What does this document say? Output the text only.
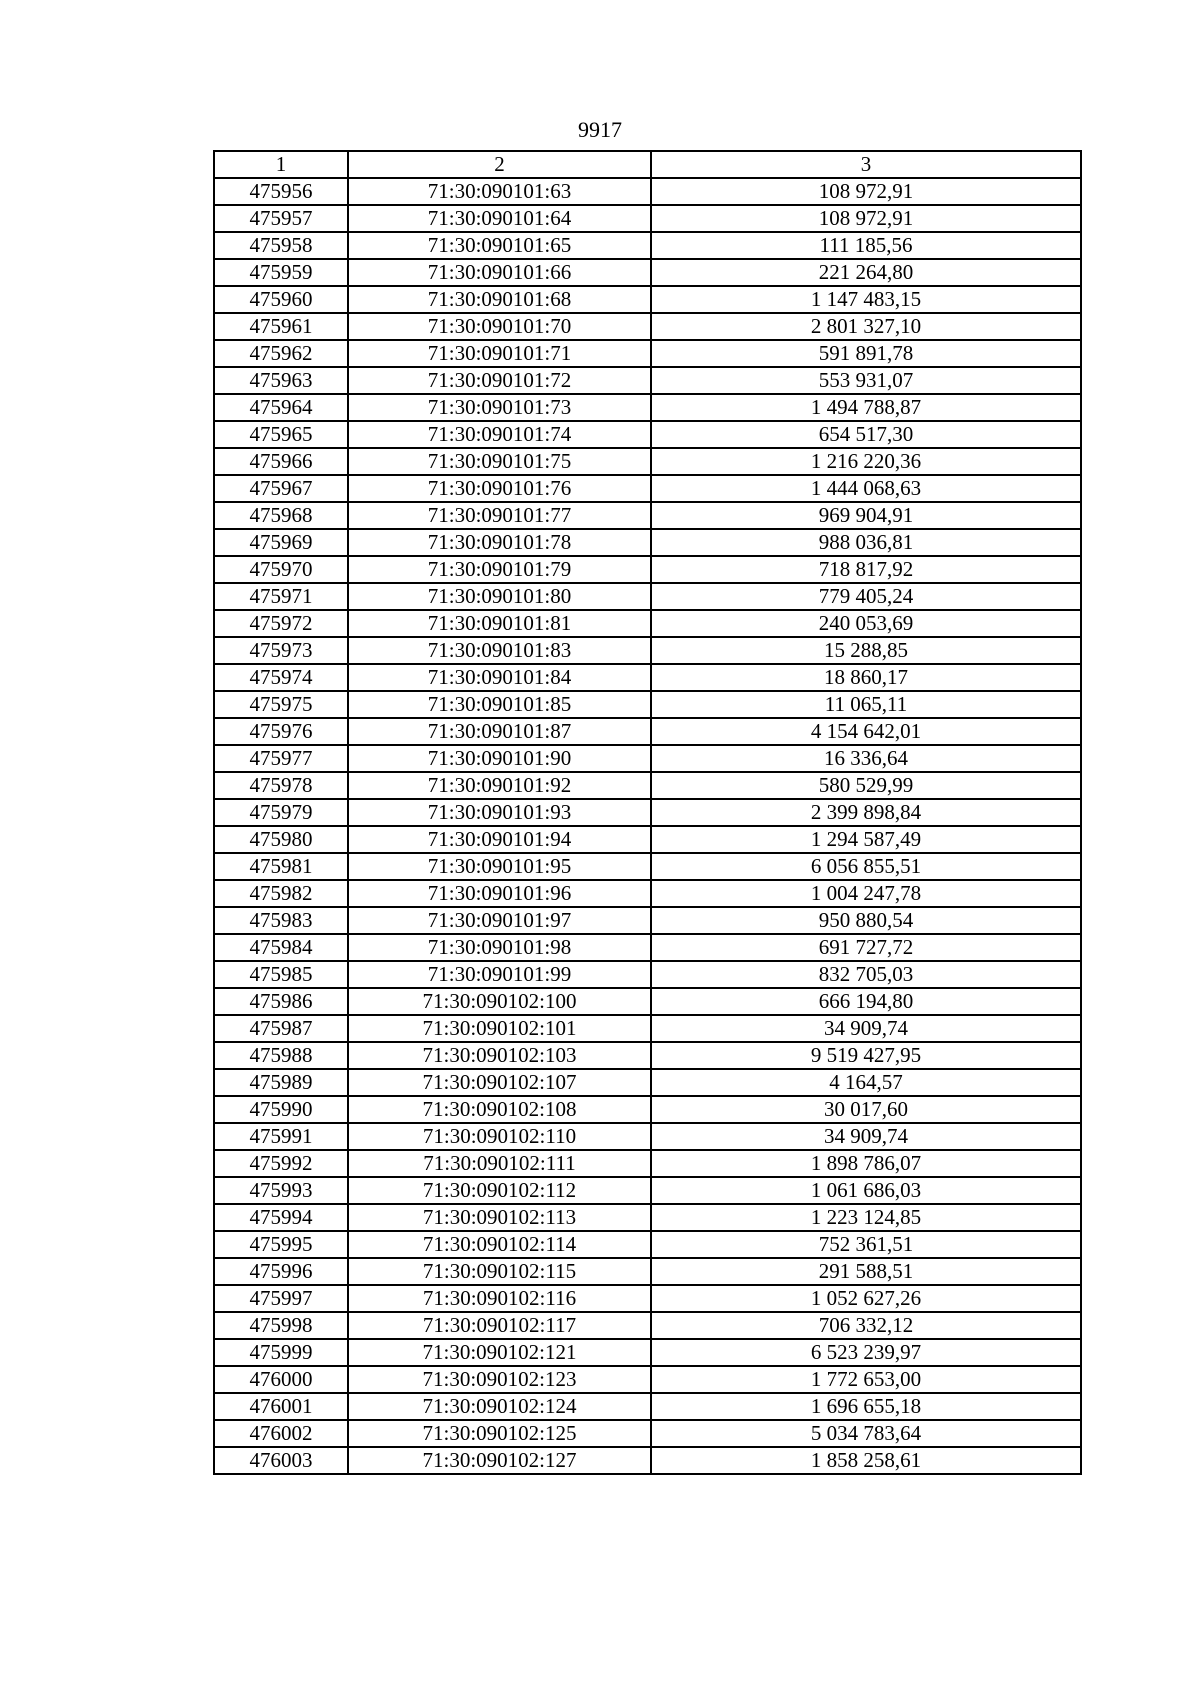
9917
1	2	3
475956	71:30:090101:63	108 972,91
475957	71:30:090101:64	108 972,91
475958	71:30:090101:65	111 185,56
475959	71:30:090101:66	221 264,80
475960	71:30:090101:68	1 147 483,15
475961	71:30:090101:70	2 801 327,10
475962	71:30:090101:71	591 891,78
475963	71:30:090101:72	553 931,07
475964	71:30:090101:73	1 494 788,87
475965	71:30:090101:74	654 517,30
475966	71:30:090101:75	1 216 220,36
475967	71:30:090101:76	1 444 068,63
475968	71:30:090101:77	969 904,91
475969	71:30:090101:78	988 036,81
475970	71:30:090101:79	718 817,92
475971	71:30:090101:80	779 405,24
475972	71:30:090101:81	240 053,69
475973	71:30:090101:83	15 288,85
475974	71:30:090101:84	18 860,17
475975	71:30:090101:85	11 065,11
475976	71:30:090101:87	4 154 642,01
475977	71:30:090101:90	16 336,64
475978	71:30:090101:92	580 529,99
475979	71:30:090101:93	2 399 898,84
475980	71:30:090101:94	1 294 587,49
475981	71:30:090101:95	6 056 855,51
475982	71:30:090101:96	1 004 247,78
475983	71:30:090101:97	950 880,54
475984	71:30:090101:98	691 727,72
475985	71:30:090101:99	832 705,03
475986	71:30:090102:100	666 194,80
475987	71:30:090102:101	34 909,74
475988	71:30:090102:103	9 519 427,95
475989	71:30:090102:107	4 164,57
475990	71:30:090102:108	30 017,60
475991	71:30:090102:110	34 909,74
475992	71:30:090102:111	1 898 786,07
475993	71:30:090102:112	1 061 686,03
475994	71:30:090102:113	1 223 124,85
475995	71:30:090102:114	752 361,51
475996	71:30:090102:115	291 588,51
475997	71:30:090102:116	1 052 627,26
475998	71:30:090102:117	706 332,12
475999	71:30:090102:121	6 523 239,97
476000	71:30:090102:123	1 772 653,00
476001	71:30:090102:124	1 696 655,18
476002	71:30:090102:125	5 034 783,64
476003	71:30:090102:127	1 858 258,61
